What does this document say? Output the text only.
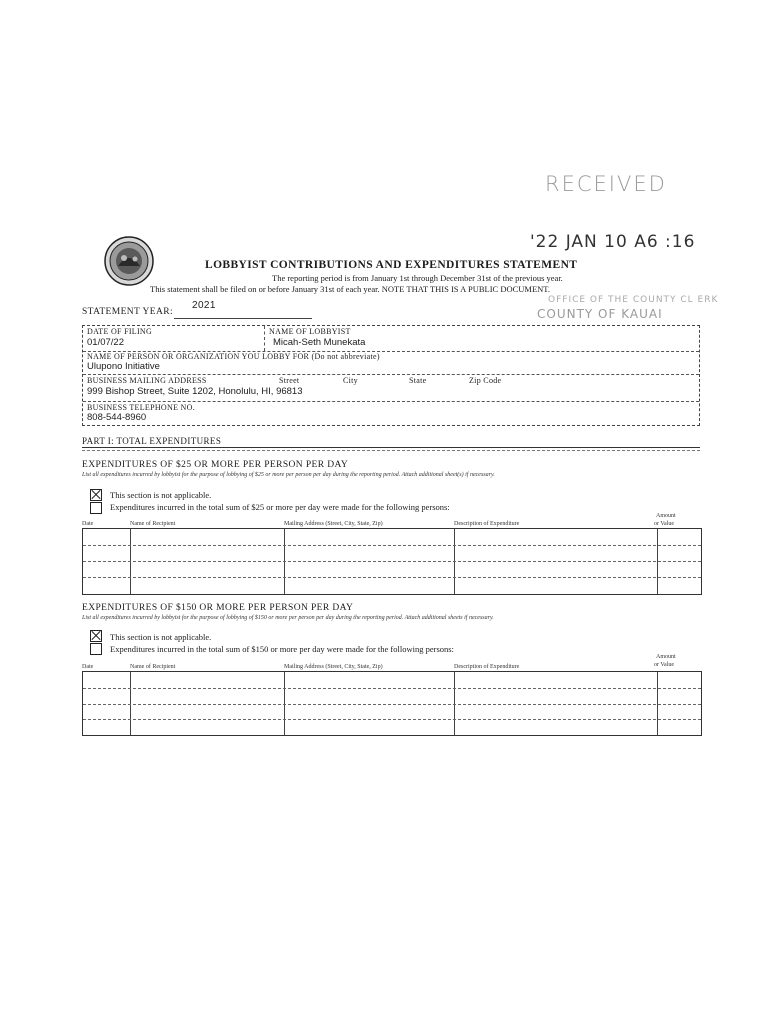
RECEIVED
'22 JAN 10 A6 :16
OFFICE OF THE COUNTY CL ERK
COUNTY OF KAUAI
LOBBYIST CONTRIBUTIONS AND EXPENDITURES STATEMENT
The reporting period is from January 1st through December 31st of the previous year.
This statement shall be filed on or before January 31st of each year. NOTE THAT THIS IS A PUBLIC DOCUMENT.
STATEMENT YEAR:
2021
DATE OF FILING
01/07/22
NAME OF LOBBYIST
Micah-Seth Munekata
NAME OF PERSON OR ORGANIZATION YOU LOBBY FOR (Do not abbreviate)
Ulupono Initiative
BUSINESS MAILING ADDRESS	Street	City	State	Zip Code
999 Bishop Street, Suite 1202, Honolulu, HI, 96813
BUSINESS TELEPHONE NO.
808-544-8960
PART I: TOTAL EXPENDITURES
EXPENDITURES OF $25 OR MORE PER PERSON PER DAY
List all expenditures incurred by lobbyist for the purpose of lobbying of $25 or more per person per day during the reporting period. Attach additional sheet(s) if necessary.
This section is not applicable.
Expenditures incurred in the total sum of $25 or more per day were made for the following persons:
Amount
Date	Name of Recipient	Mailing Address (Street, City, State, Zip)	Description of Expenditure	or Value
EXPENDITURES OF $150 OR MORE PER PERSON PER DAY
List all expenditures incurred by lobbyist for the purpose of lobbying of $150 or more per person per day during the reporting period. Attach additional sheets if necessary.
This section is not applicable.
Expenditures incurred in the total sum of $150 or more per day were made for the following persons:
Amount
Date	Name of Recipient	Mailing Address (Street, City, State, Zip)	Description of Expenditure	or Value
